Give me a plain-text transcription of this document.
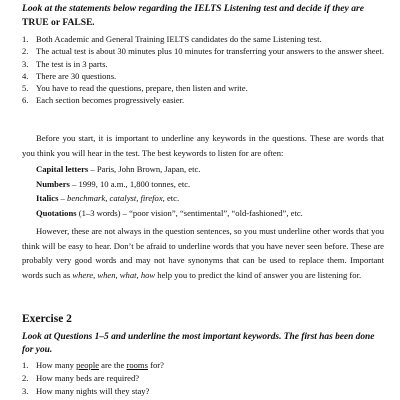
Look at the statements below regarding the IELTS Listening test and decide if they are TRUE or FALSE.
1. Both Academic and General Training IELTS candidates do the same Listening test.
2. The actual test is about 30 minutes plus 10 minutes for transferring your answers to the answer sheet.
3. The test is in 3 parts.
4. There are 30 questions.
5. You have to read the questions, prepare, then listen and write.
6. Each section becomes progressively easier.

Before you start, it is important to underline any keywords in the questions. These are words that you think you will hear in the test. The best keywords to listen for are often:

Capital letters – Paris, John Brown, Japan, etc.
Numbers – 1999, 10 a.m., 1,800 tonnes, etc.
Italics – benchmark, catalyst, firefox, etc.
Quotations (1–3 words) – “poor vision”, “sentimental”, “old-fashioned”, etc.

However, these are not always in the question sentences, so you must underline other words that you think will be easy to hear. Don’t be afraid to underline words that you have never seen before. These are probably very good words and may not have synonyms that can be used to replace them. Important words such as where, when, what, how help you to predict the kind of answer you are listening for.

Exercise 2
Look at Questions 1–5 and underline the most important keywords. The first has been done for you.
1. How many people are the rooms for?
2. How many beds are required?
3. How many nights will they stay?
